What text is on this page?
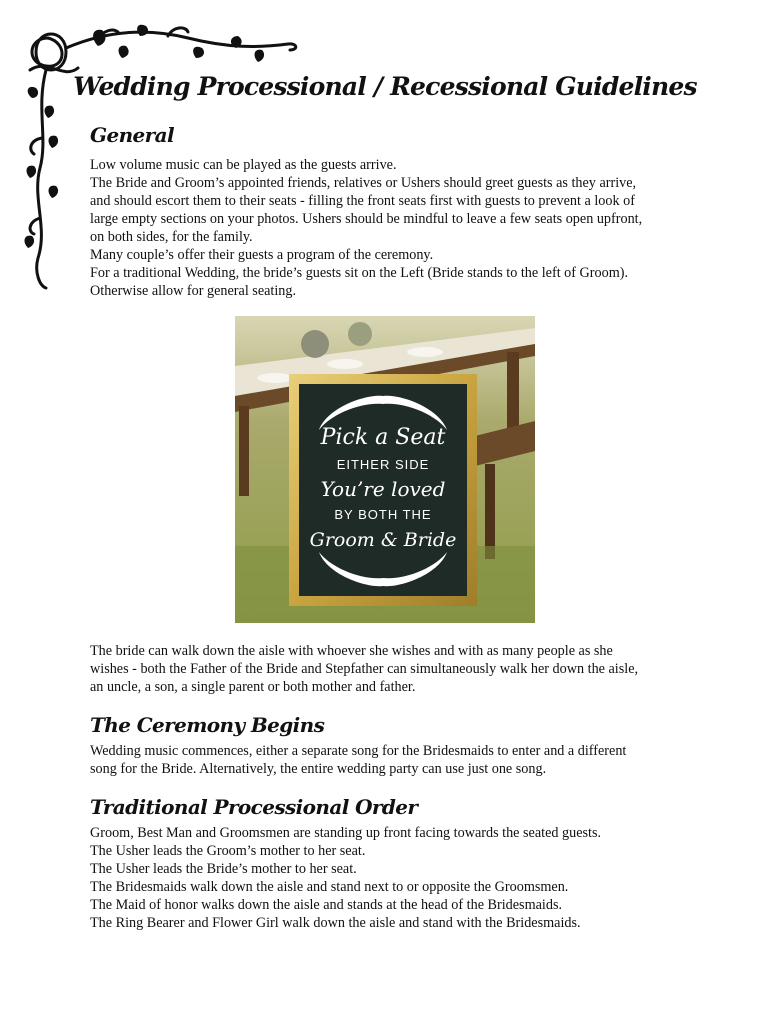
Wedding Processional / Recessional Guidelines
General

Low volume music can be played as the guests arrive.

The Bride and Groom’s appointed friends, relatives or Ushers should greet guests as they arrive,

and should escort them to their seats - filling the front seats first with guests to prevent a look of

large empty sections on your photos. Ushers should be mindful to leave a few seats open upfront,

on both sides, for the family.

Many couple’s offer their guests a program of the ceremony.

For a traditional Wedding, the bride’s guests sit on the Left (Bride stands to the left of Groom).

Otherwise allow for general seating.

Pick a Seat
EITHER SIDE
You’re loved
BY BOTH THE
Groom & Bride

The bride can walk down the aisle with whoever she wishes and with as many people as she

wishes - both the Father of the Bride and Stepfather can simultaneously walk her down the aisle,

an uncle, a son, a single parent or both mother and father.

The Ceremony Begins

Wedding music commences, either a separate song for the Bridesmaids to enter and a different

song for the Bride. Alternatively, the entire wedding party can use just one song.

Traditional Processional Order

Groom, Best Man and Groomsmen are standing up front facing towards the seated guests.

The Usher leads the Groom’s mother to her seat.

The Usher leads the Bride’s mother to her seat.

The Bridesmaids walk down the aisle and stand next to or opposite the Groomsmen.

The Maid of honor walks down the aisle and stands at the head of the Bridesmaids.

The Ring Bearer and Flower Girl walk down the aisle and stand with the Bridesmaids.
